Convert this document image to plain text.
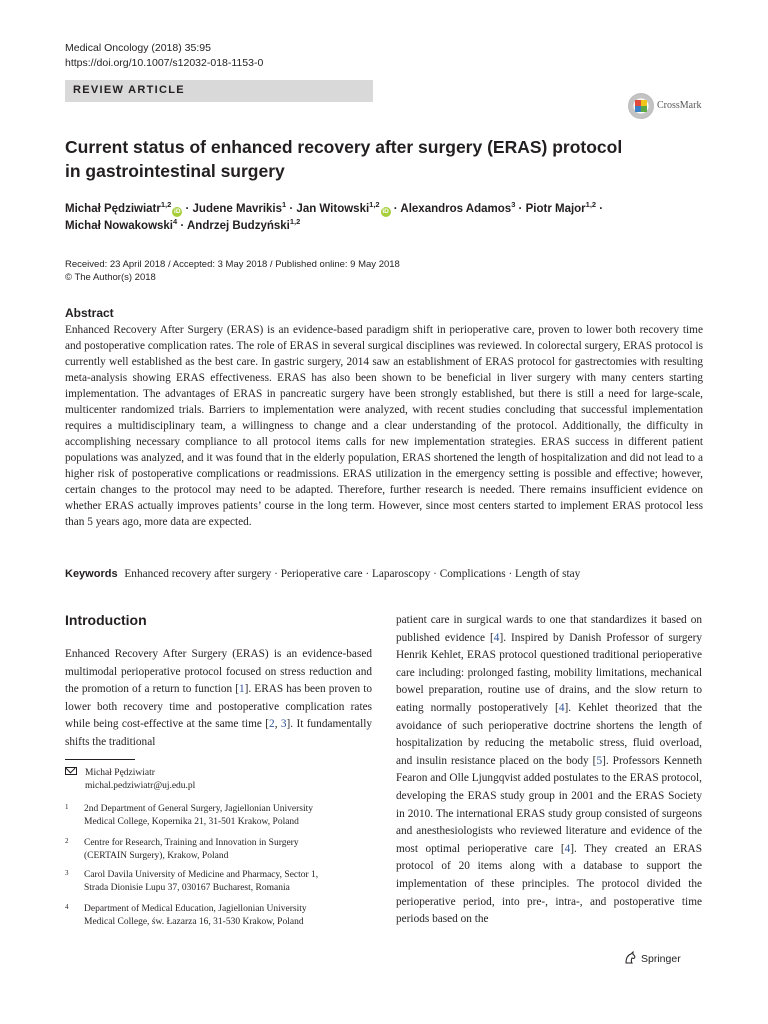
Medical Oncology (2018) 35:95
https://doi.org/10.1007/s12032-018-1153-0
REVIEW ARTICLE
CrossMark
Current status of enhanced recovery after surgery (ERAS) protocol
in gastrointestinal surgery
Michał Pędziwiatr$^{1,2}$iD · Judene Mavrikis$^1$ · Jan Witowski$^{1,2}$iD · Alexandros Adamos$^3$ · Piotr Major$^{1,2}$ ·
Michał Nowakowski$^4$ · Andrzej Budzyński$^{1,2}$
Received: 23 April 2018 / Accepted: 3 May 2018 / Published online: 9 May 2018
© The Author(s) 2018
Abstract
Enhanced Recovery After Surgery (ERAS) is an evidence-based paradigm shift in perioperative care, proven to lower both recovery time and postoperative complication rates. The role of ERAS in several surgical disciplines was reviewed. In colorectal surgery, ERAS protocol is currently well established as the best care. In gastric surgery, 2014 saw an establishment of ERAS protocol for gastrectomies with resulting meta-analysis showing ERAS effectiveness. ERAS has also been shown to be beneficial in liver surgery with many centers starting implementation. The advantages of ERAS in pancreatic surgery have been strongly established, but there is still a need for large-scale, multicenter randomized trials. Barriers to implementation were analyzed, with recent studies concluding that successful implementation requires a multidisciplinary team, a willingness to change and a clear understanding of the protocol. Additionally, the difficulty in accomplishing necessary compliance to all protocol items calls for new implementation strategies. ERAS success in different patient populations was analyzed, and it was found that in the elderly population, ERAS shortened the length of hospitalization and did not lead to a higher risk of postoperative complications or readmissions. ERAS utilization in the emergency setting is possible and effective; however, certain changes to the protocol may need to be adapted. Therefore, further research is needed. There remains insufficient evidence on whether ERAS actually improves patients’ course in the long term. However, since most centers started to implement ERAS protocol less than 5 years ago, more data are expected.
Keywords Enhanced recovery after surgery · Perioperative care · Laparoscopy · Complications · Length of stay
Introduction
Enhanced Recovery After Surgery (ERAS) is an evidence-based multimodal perioperative protocol focused on stress reduction and the promotion of a return to function [1]. ERAS has been proven to lower both recovery time and postoperative complication rates while being cost-effective at the same time [2, 3]. It fundamentally shifts the traditional
patient care in surgical wards to one that standardizes it based on published evidence [4]. Inspired by Danish Professor of surgery Henrik Kehlet, ERAS protocol questioned traditional perioperative care including: prolonged fasting, mobility limitations, mechanical bowel preparation, routine use of drains, and the slow return to eating normally postoperatively [4]. Kehlet theorized that the avoidance of such perioperative doctrine shortens the length of hospitalization by reducing the metabolic stress, fluid overload, and insulin resistance placed on the body [5]. Professors Kenneth Fearon and Olle Ljungqvist added postulates to the ERAS protocol, developing the ERAS study group in 2001 and the ERAS Society in 2010. The international ERAS study group consisted of surgeons and anesthesiologists who reviewed literature and evidence of the most optimal perioperative care [4]. They created an ERAS protocol of 20 items along with a database to support the implementation of these principles. The protocol divided the perioperative period, into pre-, intra-, and postoperative time periods based on the
Michał Pędziwiatr
michal.pedziwiatr@uj.edu.pl
1 2nd Department of General Surgery, Jagiellonian University
Medical College, Kopernika 21, 31-501 Krakow, Poland
2 Centre for Research, Training and Innovation in Surgery
(CERTAIN Surgery), Krakow, Poland
3 Carol Davila University of Medicine and Pharmacy, Sector 1,
Strada Dionisie Lupu 37, 030167 Bucharest, Romania
4 Department of Medical Education, Jagiellonian University
Medical College, św. Łazarza 16, 31-530 Krakow, Poland
Springer
